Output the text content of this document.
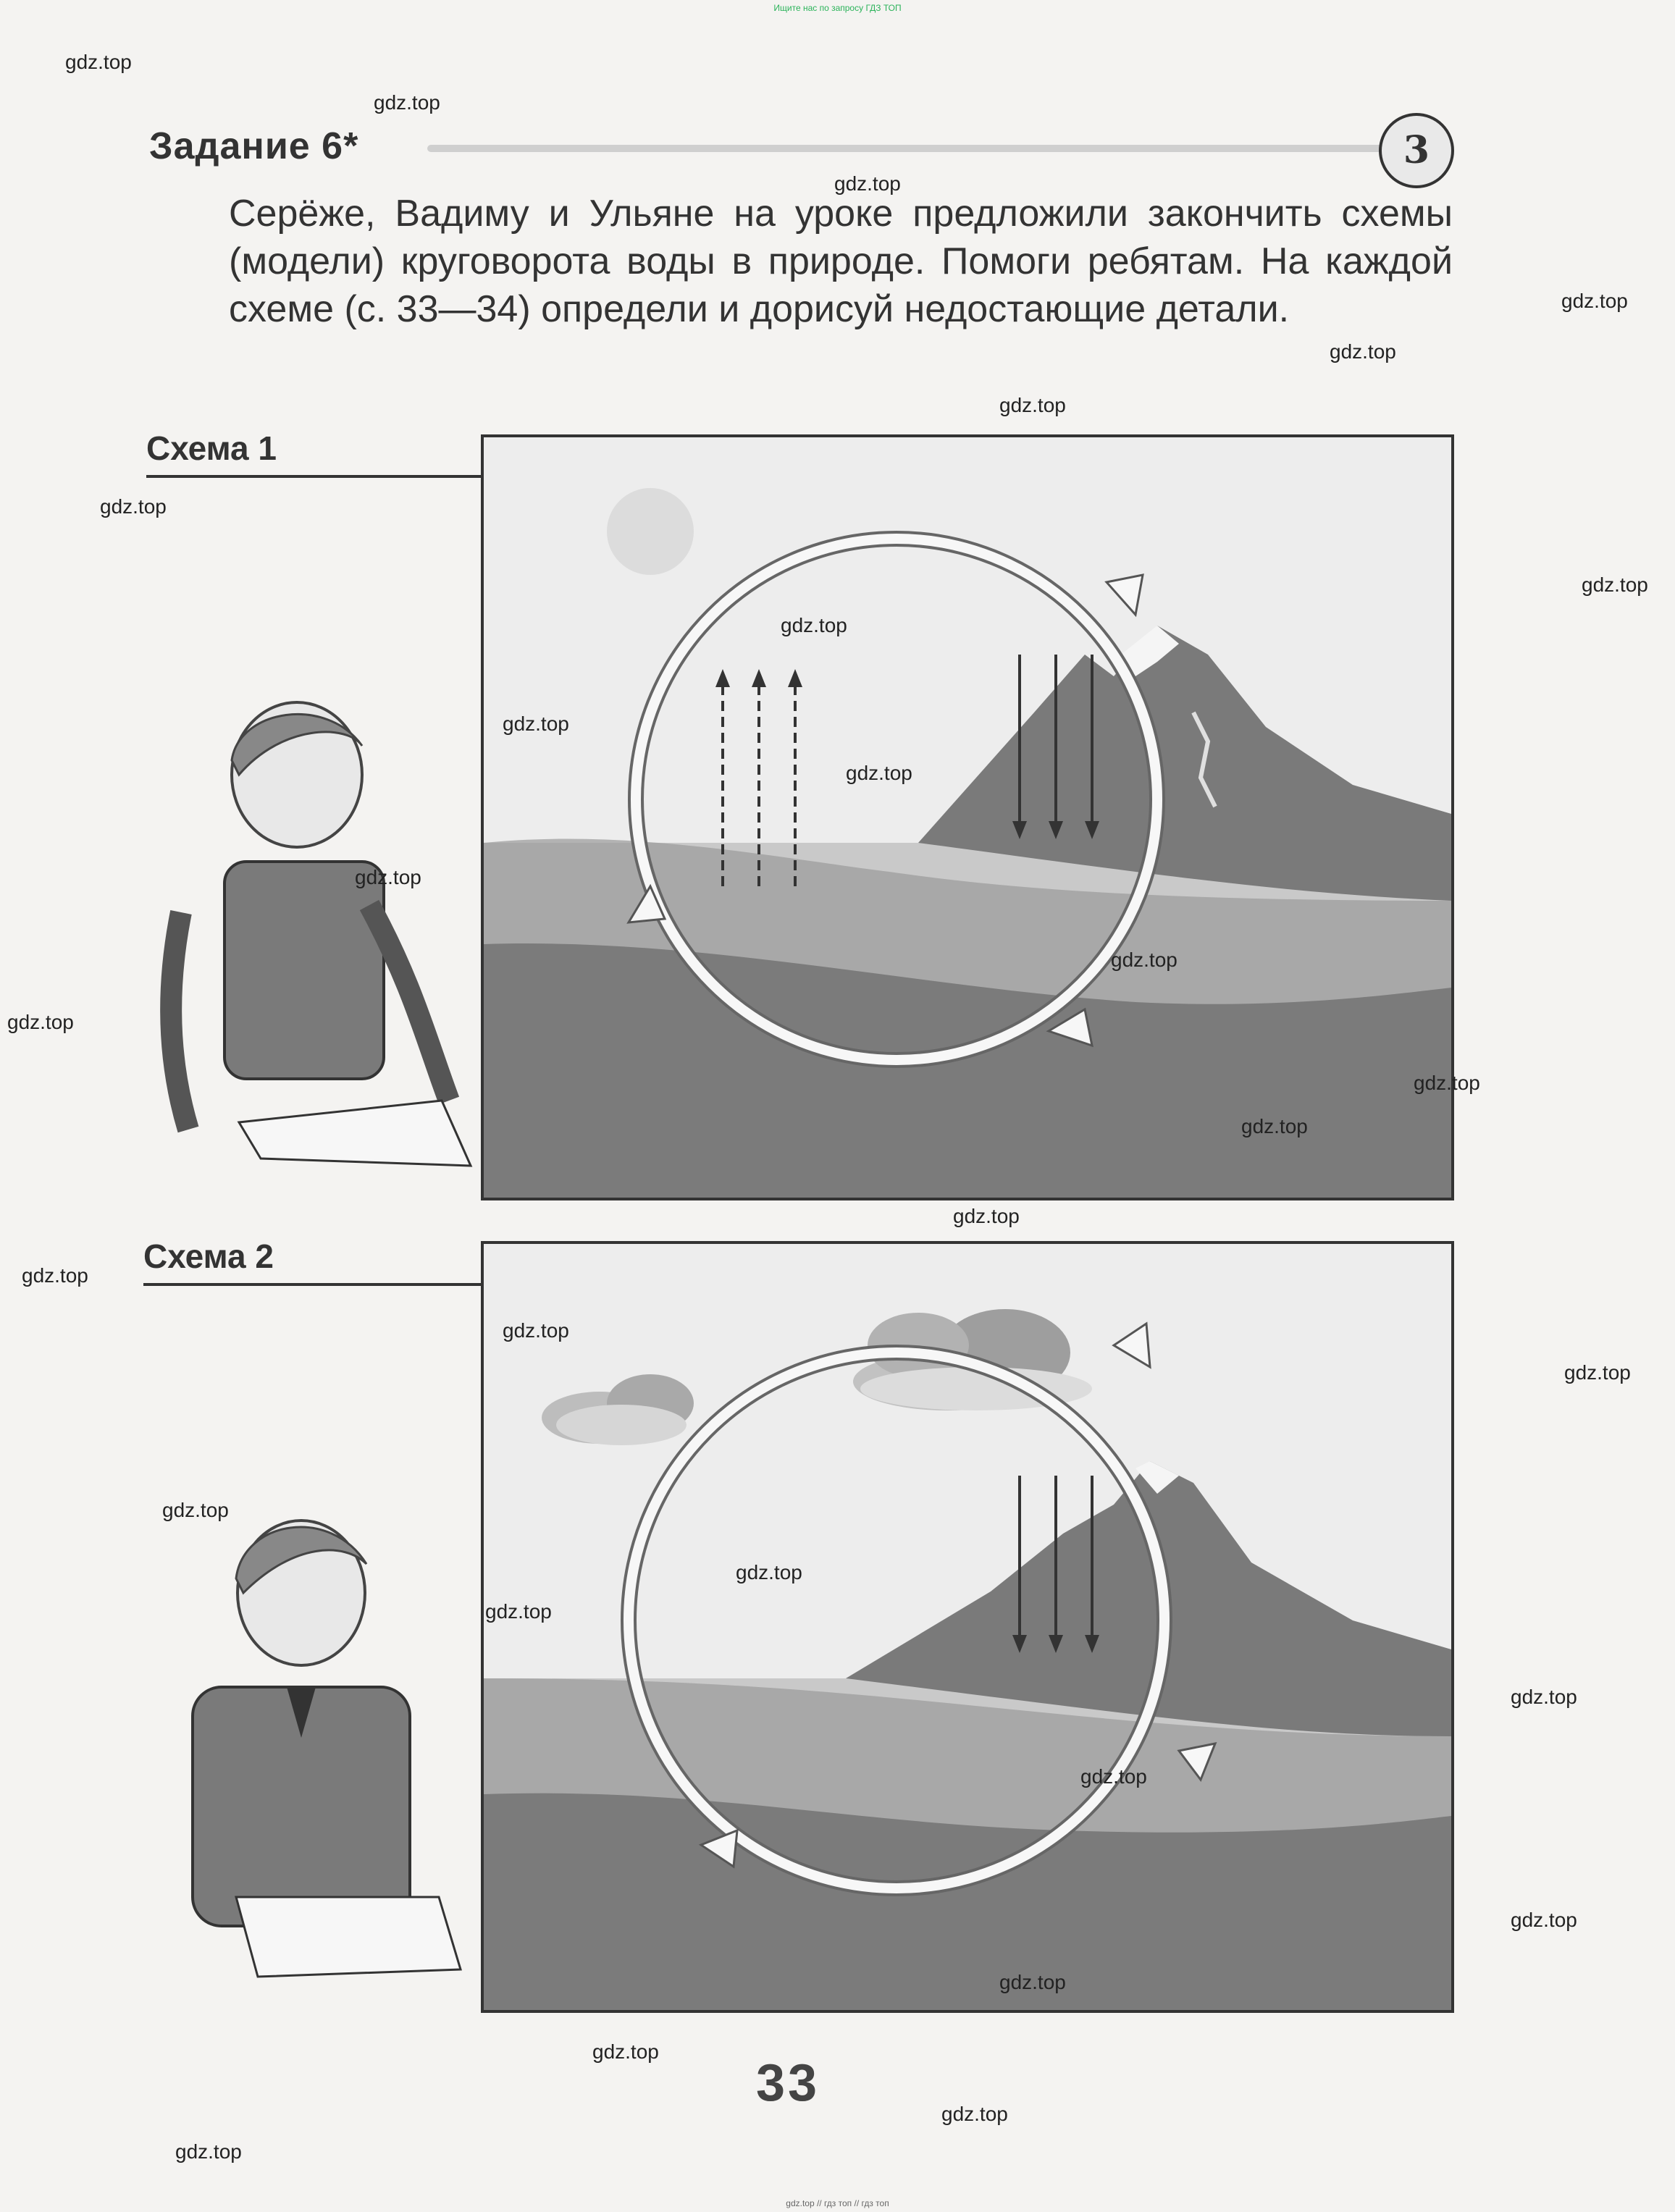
Ищите нас по запросу ГДЗ ТОП
Задание 6*	3
Серёже, Вадиму и Ульяне на уроке предложили закончить схемы (модели) круговорота воды в природе. Помоги ребятам. На каждой схеме (с. 33—34) определи и дорисуй недостающие детали.
Схема 1
Схема 2
33
gdz.top
gdz.top
gdz.top
gdz.top
gdz.top
gdz.top
gdz.top
gdz.top
gdz.top
gdz.top
gdz.top
gdz.top
gdz.top
gdz.top
gdz.top
gdz.top
gdz.top
gdz.top
gdz.top
gdz.top
gdz.top
gdz.top
gdz.top
gdz.top
gdz.top
gdz.top
gdz.top
gdz.top
gdz.top
gdz.top
gdz.top // гдз топ // гдз топ
